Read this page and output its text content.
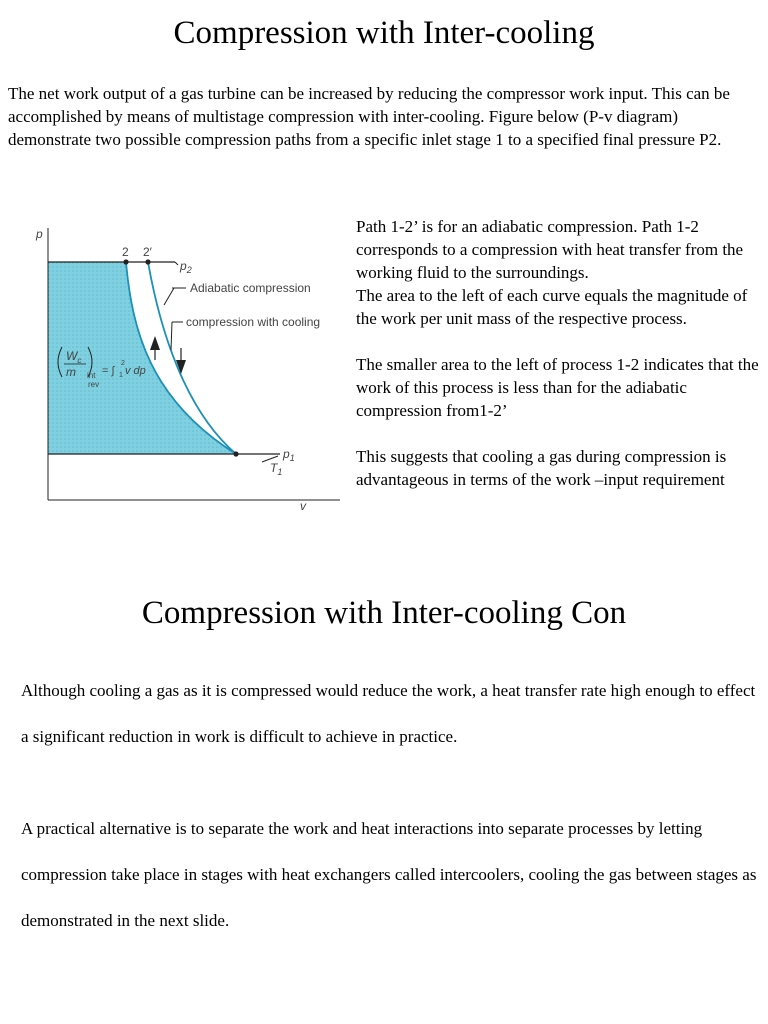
Compression with Inter-cooling

The net work output of a gas turbine can be increased by reducing the compressor work input. This can be accomplished by means of multistage compression with inter-cooling. Figure below (P-v diagram) demonstrate two possible compression paths from a specific inlet stage 1 to a specified final pressure P2.

p
v
2 2′
$p_2$
Adiabatic compression
compression with cooling
$p_1$
$T_1$
$W_c$
m int
rev
= ∫
2
1 v dp

Path 1-2’ is for an adiabatic compression. Path 1-2 corresponds to a compression with heat transfer from the working fluid to the surroundings.

The area to the left of each curve equals the magnitude of the work per unit mass of the respective process.

The smaller area to the left of process 1-2 indicates that the work of this process is less than for the adiabatic compression from1-2’

This suggests that cooling a gas during compression is advantageous in terms of the work –input requirement

Compression with Inter-cooling Con

Although cooling a gas as it is compressed would reduce the work, a heat transfer rate high enough to effect a significant reduction in work is difficult to achieve in practice.

A practical alternative is to separate the work and heat interactions into separate processes by letting compression take place in stages with heat exchangers called intercoolers, cooling the gas between stages as demonstrated in the next slide.
